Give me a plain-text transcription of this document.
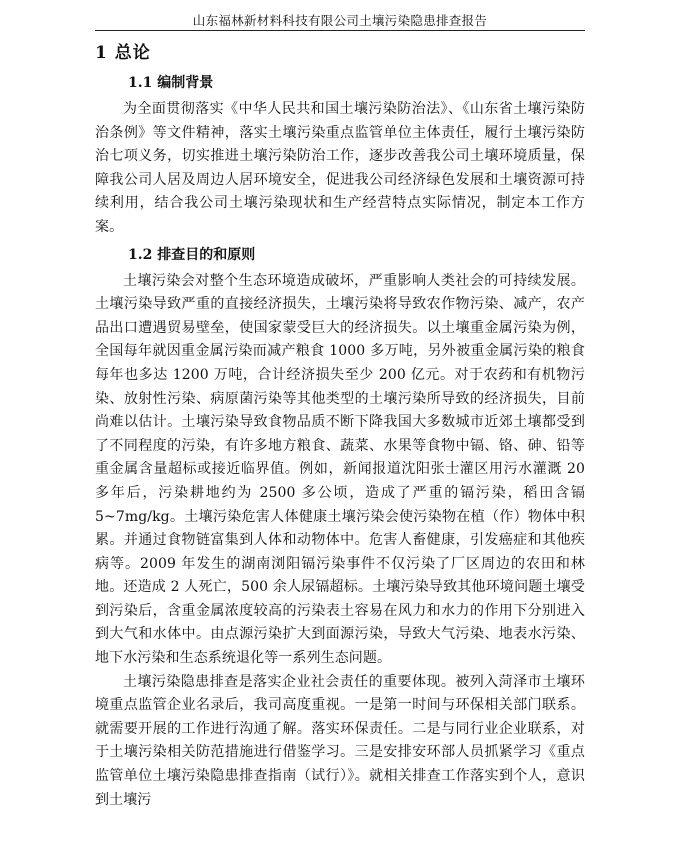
山东福林新材料科技有限公司土壤污染隐患排查报告
1 总论
1.1 编制背景

为全面贯彻落实《中华人民共和国土壤污染防治法》、《山东省土壤污染防治条例》等文件精神，落实土壤污染重点监管单位主体责任，履行土壤污染防治七项义务，切实推进土壤污染防治工作，逐步改善我公司土壤环境质量，保障我公司人居及周边人居环境安全，促进我公司经济绿色发展和土壤资源可持续利用，结合我公司土壤污染现状和生产经营特点实际情况，制定本工作方案。

1.2 排查目的和原则

土壤污染会对整个生态环境造成破坏，严重影响人类社会的可持续发展。土壤污染导致严重的直接经济损失，土壤污染将导致农作物污染、减产，农产品出口遭遇贸易壁垒，使国家蒙受巨大的经济损失。以土壤重金属污染为例，全国每年就因重金属污染而减产粮食 1000 多万吨，另外被重金属污染的粮食每年也多达 1200 万吨，合计经济损失至少 200 亿元。对于农药和有机物污染、放射性污染、病原菌污染等其他类型的土壤污染所导致的经济损失，目前尚难以估计。土壤污染导致食物品质不断下降我国大多数城市近郊土壤都受到了不同程度的污染，有许多地方粮食、蔬菜、水果等食物中镉、铬、砷、铅等重金属含量超标或接近临界值。例如，新闻报道沈阳张士灌区用污水灌溉 20 多年后，污染耕地约为 2500 多公顷，造成了严重的镉污染，稻田含镉 5~7mg/kg。土壤污染危害人体健康土壤污染会使污染物在植（作）物体中积累。并通过食物链富集到人体和动物体中。危害人畜健康，引发癌症和其他疾病等。2009 年发生的湖南浏阳镉污染事件不仅污染了厂区周边的农田和林地。还造成 2 人死亡，500 余人尿镉超标。土壤污染导致其他环境问题土壤受到污染后，含重金属浓度较高的污染表土容易在风力和水力的作用下分别进入到大气和水体中。由点源污染扩大到面源污染，导致大气污染、地表水污染、地下水污染和生态系统退化等一系列生态问题。

土壤污染隐患排查是落实企业社会责任的重要体现。被列入菏泽市土壤环境重点监管企业名录后，我司高度重视。一是第一时间与环保相关部门联系。就需要开展的工作进行沟通了解。落实环保责任。二是与同行业企业联系，对于土壤污染相关防范措施进行借鉴学习。三是安排安环部人员抓紧学习《重点监管单位土壤污染隐患排查指南（试行）》。就相关排查工作落实到个人，意识到土壤污
